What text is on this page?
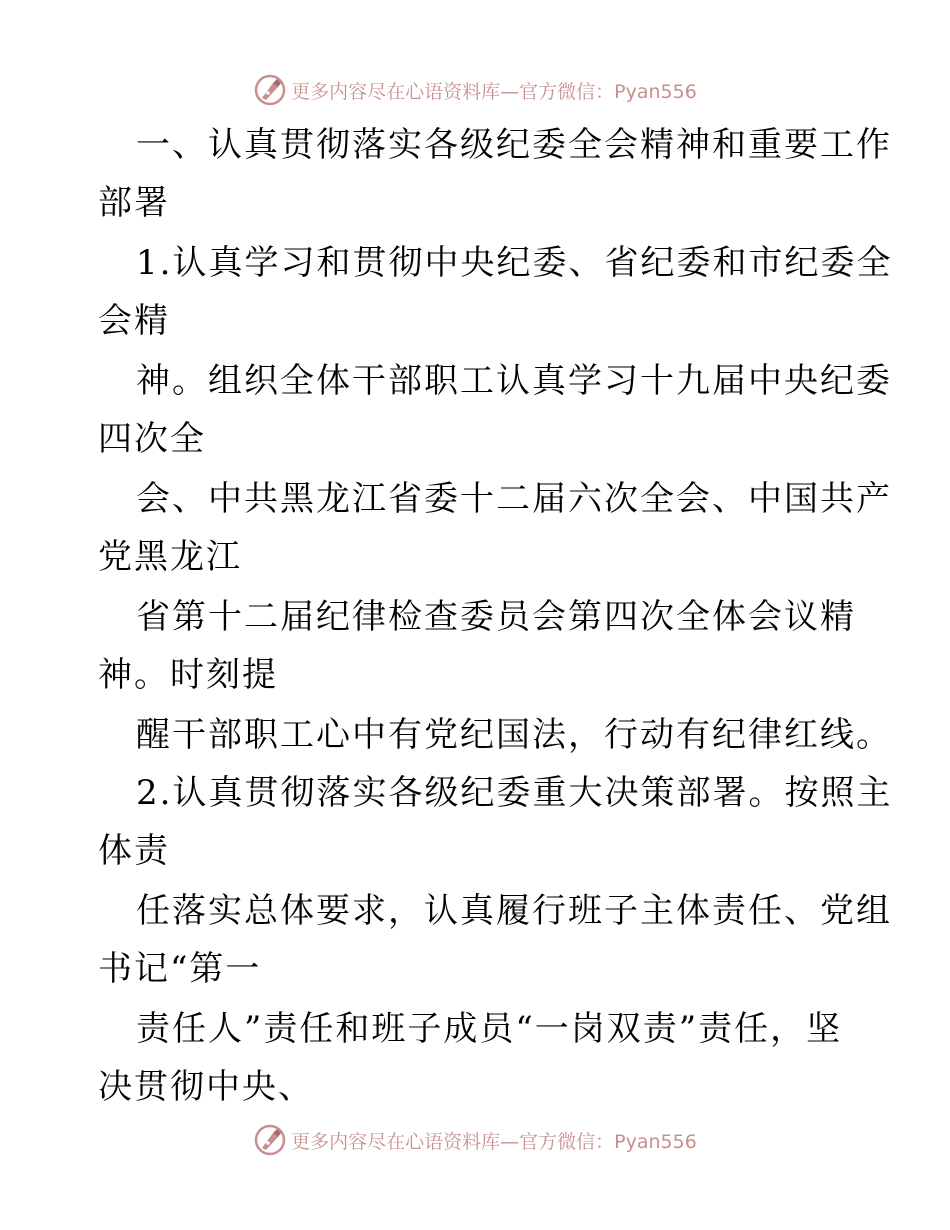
更多内容尽在心语资料库—官方微信：Pyan556
一、认真贯彻落实各级纪委全会精神和重要工作
部署
1.认真学习和贯彻中央纪委、省纪委和市纪委全
会精
神。组织全体干部职工认真学习十九届中央纪委
四次全
会、中共黑龙江省委十二届六次全会、中国共产
党黑龙江
省第十二届纪律检查委员会第四次全体会议精
神。时刻提
醒干部职工心中有党纪国法，行动有纪律红线。
2.认真贯彻落实各级纪委重大决策部署。按照主
体责
任落实总体要求，认真履行班子主体责任、党组
书记“第一
责任人”责任和班子成员“一岗双责”责任，坚
决贯彻中央、
更多内容尽在心语资料库—官方微信：Pyan556
